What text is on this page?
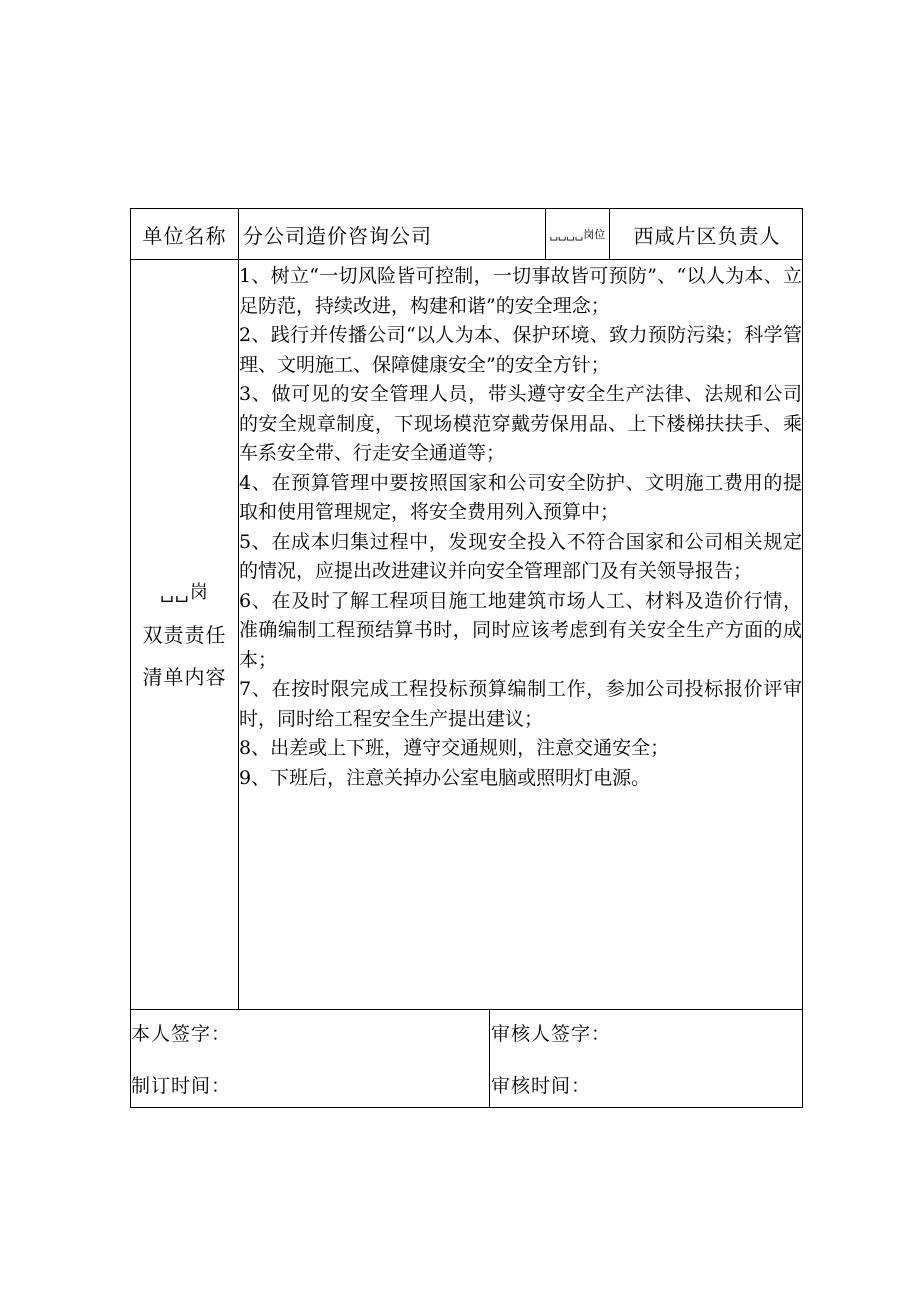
单位名称 分公司造价咨询公司	␣␣␣␣岗位	西咸片区负责人
␣␣岗
双责责任
清单内容

1、树立“一切风险皆可控制，一切事故皆可预防”、“以人为本、立足防范，持续改进，构建和谐”的安全理念；

2、践行并传播公司“以人为本、保护环境、致力预防污染；科学管理、文明施工、保障健康安全”的安全方针；

3、做可见的安全管理人员，带头遵守安全生产法律、法规和公司的安全规章制度，下现场模范穿戴劳保用品、上下楼梯扶扶手、乘车系安全带、行走安全通道等；

4、在预算管理中要按照国家和公司安全防护、文明施工费用的提取和使用管理规定，将安全费用列入预算中；

5、在成本归集过程中，发现安全投入不符合国家和公司相关规定的情况，应提出改进建议并向安全管理部门及有关领导报告；

6、在及时了解工程项目施工地建筑市场人工、材料及造价行情，准确编制工程预结算书时，同时应该考虑到有关安全生产方面的成本；

7、在按时限完成工程投标预算编制工作，参加公司投标报价评审时，同时给工程安全生产提出建议；

8、出差或上下班，遵守交通规则，注意交通安全；

9、下班后，注意关掉办公室电脑或照明灯电源。

本人签字：
制订时间：
审核人签字：
审核时间：
